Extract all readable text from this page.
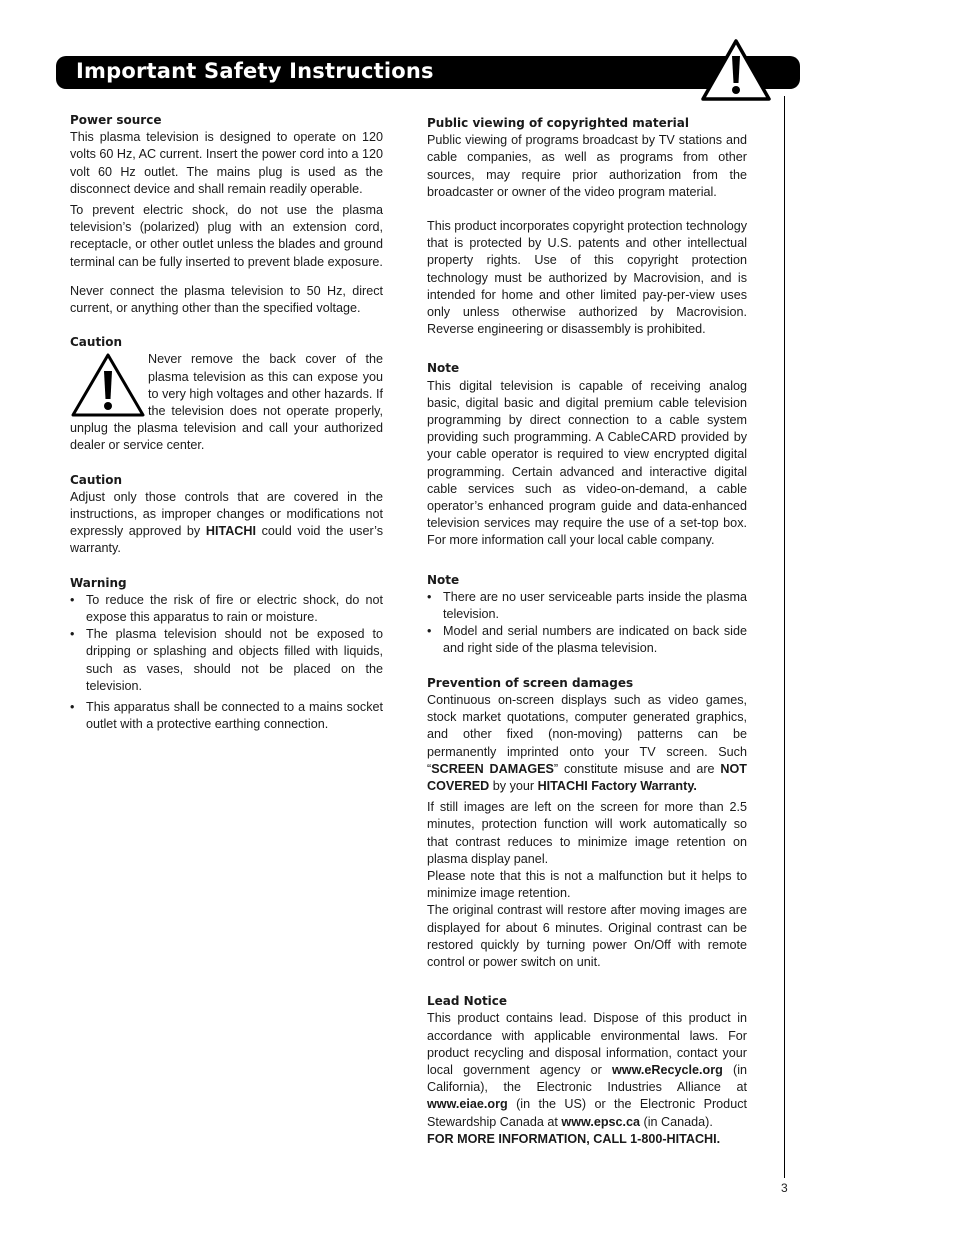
Important Safety Instructions
Power source

This plasma television is designed to operate on 120 volts 60 Hz, AC current. Insert the power cord into a 120 volt 60 Hz outlet. The mains plug is used as the disconnect device and shall remain readily operable.

To prevent electric shock, do not use the plasma television’s (polarized) plug with an extension cord, receptacle, or other outlet unless the blades and ground terminal can be fully inserted to prevent blade exposure.

Never connect the plasma television to 50 Hz, direct current, or anything other than the specified voltage.

Caution

Never remove the back cover of the plasma television as this can expose you to very high voltages and other hazards. If the television does not operate properly, unplug the plasma television and call your authorized dealer or service center.

Caution

Adjust only those controls that are covered in the instructions, as improper changes or modifications not expressly approved by HITACHI could void the user’s warranty.

Warning
• To reduce the risk of fire or electric shock, do not expose this apparatus to rain or moisture.
• The plasma television should not be exposed to dripping or splashing and objects filled with liquids, such as vases, should not be placed on the television.
• This apparatus shall be connected to a mains socket outlet with a protective earthing connection.
Public viewing of copyrighted material

Public viewing of programs broadcast by TV stations and cable companies, as well as programs from other sources, may require prior authorization from the broadcaster or owner of the video program material.

This product incorporates copyright protection technology that is protected by U.S. patents and other intellectual property rights. Use of this copyright protection technology must be authorized by Macrovision, and is intended for home and other limited pay-per-view uses only unless otherwise authorized by Macrovision. Reverse engineering or disassembly is prohibited.

Note

This digital television is capable of receiving analog basic, digital basic and digital premium cable television programming by direct connection to a cable system providing such programming. A CableCARD provided by your cable operator is required to view encrypted digital programming. Certain advanced and interactive digital cable services such as video-on-demand, a cable operator’s enhanced program guide and data-enhanced television services may require the use of a set-top box. For more information call your local cable company.

Note
• There are no user serviceable parts inside the plasma television.
• Model and serial numbers are indicated on back side and right side of the plasma television.
Prevention of screen damages

Continuous on-screen displays such as video games, stock market quotations, computer generated graphics, and other fixed (non-moving) patterns can be permanently imprinted onto your TV screen. Such “SCREEN DAMAGES” constitute misuse and are NOT COVERED by your HITACHI Factory Warranty.

If still images are left on the screen for more than 2.5 minutes, protection function will work automatically so that contrast reduces to minimize image retention on plasma display panel.

Please note that this is not a malfunction but it helps to minimize image retention.

The original contrast will restore after moving images are displayed for about 6 minutes. Original contrast can be restored quickly by turning power On/Off with remote control or power switch on unit.

Lead Notice

This product contains lead. Dispose of this product in accordance with applicable environmental laws. For product recycling and disposal information, contact your local government agency or www.eRecycle.org (in California), the Electronic Industries Alliance at www.eiae.org (in the US) or the Electronic Product Stewardship Canada at www.epsc.ca (in Canada).

FOR MORE INFORMATION, CALL 1-800-HITACHI.

3
